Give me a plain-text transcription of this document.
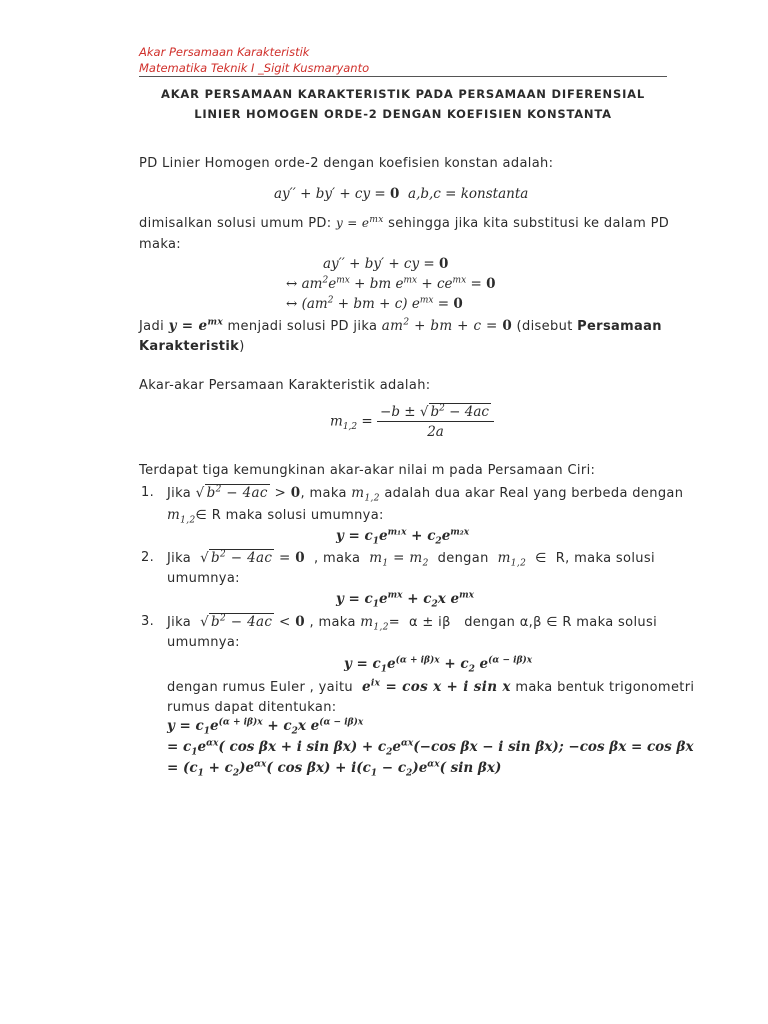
Akar Persamaan Karakteristik
Matematika Teknik I _Sigit Kusmaryanto
AKAR PERSAMAAN KARAKTERISTIK PADA PERSAMAAN DIFERENSIAL
LINIER HOMOGEN ORDE-2 DENGAN KOEFISIEN KONSTANTA
PD Linier Homogen orde-2 dengan koefisien konstan adalah:
ay′′ + by′ + cy = 0 a,b,c = konstanta
dimisalkan solusi umum PD: $y = e^{mx}$ sehingga jika kita substitusi ke dalam PD
maka:
ay′′ + by′ + cy = 0
↔ $am^2e^{mx}$ + bm $e^{mx} + ce^{mx} = 0$
↔ ($am^2$ + bm + c) $e^{mx} = 0$
Jadi $y = e^{mx}$ menjadi solusi PD jika $am^2$ + bm + c = 0 (disebut Persamaan
Karakteristik)
Akar-akar Persamaan Karakteristik adalah:
$m_{1,2} = \frac{-b \pm √ b^2 - 4ac}{2a}$
Terdapat tiga kemungkinan akar-akar nilai m pada Persamaan Ciri:
1. Jika √ $b^2 - 4ac > 0$, maka $m_{1,2}$ adalah dua akar Real yang berbeda dengan
$m_{1,2}\in$ R maka solusi umumnya:
$y = c_1e^{m_1x} + c_2e^{m_2x}$
2. Jika √ $b^2 - 4ac = 0$ , maka $m_1 = m_2$ dengan $m_{1,2}$  ∈  R, maka solusi
umumnya:
$y = c_1e^{mx} + c_2x$ $e^{mx}$
3. Jika √ $b^2 - 4ac < 0$ , maka $m_{1,2}= \alpha \pm i\beta$   dengan α,β ∈ R maka solusi
umumnya:
$y = c_1e^{(\alpha + i\beta)x} + c_2$ $e^{(\alpha - i\beta)x}$
dengan rumus Euler , yaitu $e^{ix} = \cos x + i$ sin x maka bentuk trigonometri
rumus dapat ditentukan:
$y = c_1e^{(\alpha + i\beta)x} + c_2x$ $e^{(\alpha - i\beta)x}$
= $c_1e^{\alpha x}$( cos βx + i $\sin \beta x) + c_2e^{\alpha x}(-\cos$ βx − i sin βx); −cos βx = cos βx
= $(c_1 + c_2)e^{\alpha x}$( $\cos \beta x) + i(c_1 - c_2)e^{\alpha x}$( sin βx)
